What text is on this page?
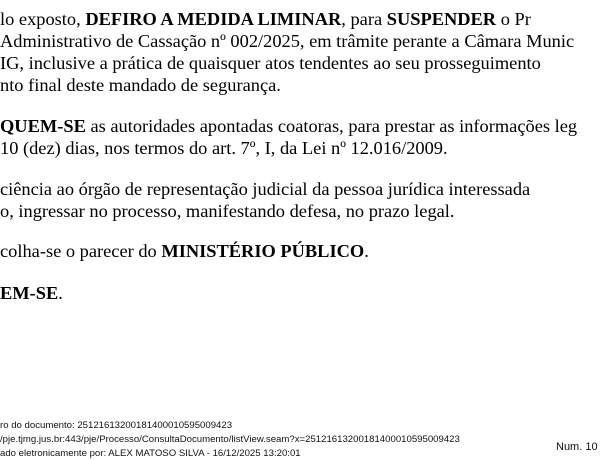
lo exposto, DEFIRO A MEDIDA LIMINAR, para SUSPENDER o Pr
Administrativo de Cassação nº 002/2025, em trâmite perante a Câmara Munic
IG, inclusive a prática de quaisquer atos tendentes ao seu prosseguimento
nto final deste mandado de segurança.
QUEM-SE as autoridades apontadas coatoras, para prestar as informações leg
10 (dez) dias, nos termos do art. 7º, I, da Lei nº 12.016/2009.
ciência ao órgão de representação judicial da pessoa jurídica interessada
o, ingressar no processo, manifestando defesa, no prazo legal.
colha-se o parecer do MINISTÉRIO PÚBLICO.
EM-SE.
ro do documento: 25121613200181400010595009423
/pje.tjmg.jus.br:443/pje/Processo/ConsultaDocumento/listView.seam?x=25121613200181400010595009423
ado eletronicamente por: ALEX MATOSO SILVA - 16/12/2025 13:20:01
Num. 10
